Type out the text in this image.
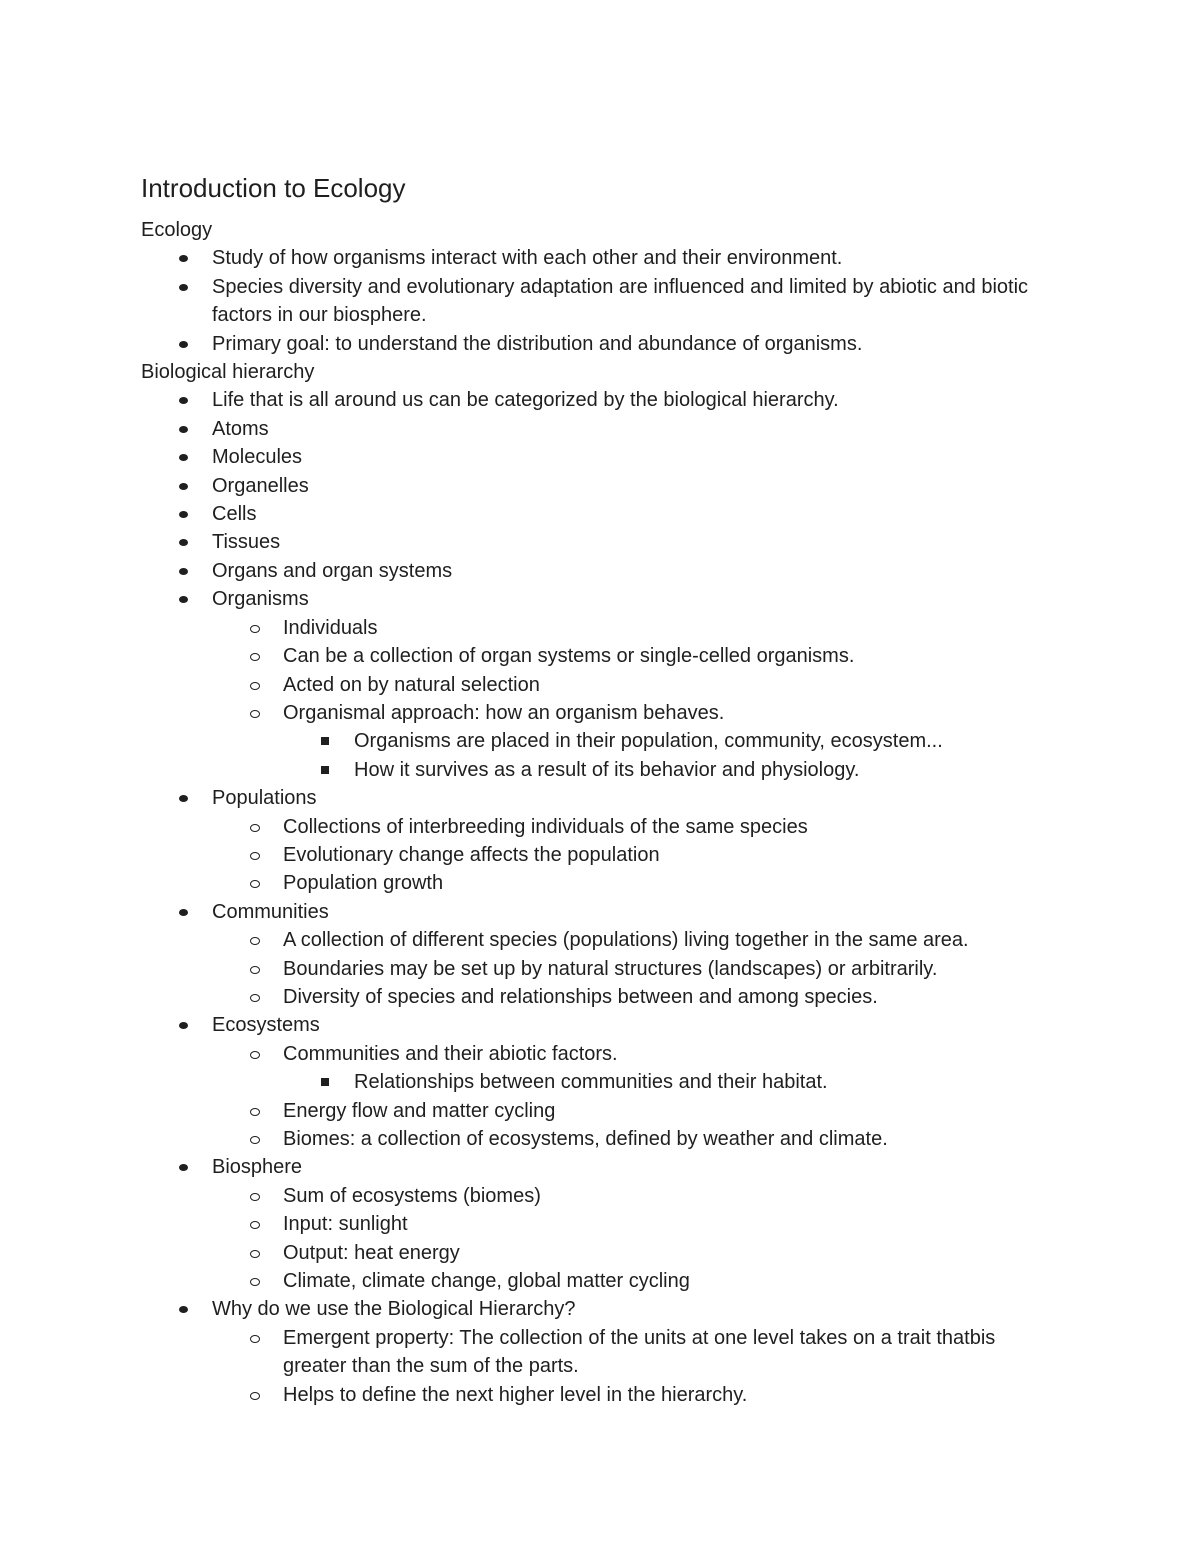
Introduction to Ecology

Ecology

Study of how organisms interact with each other and their environment.
Species diversity and evolutionary adaptation are influenced and limited by abiotic and biotic factors in our biosphere.
Primary goal: to understand the distribution and abundance of organisms.

Biological hierarchy

Life that is all around us can be categorized by the biological hierarchy.
Atoms
Molecules
Organelles
Cells
Tissues
Organs and organ systems
Organisms
Individuals
Can be a collection of organ systems or single-celled organisms.
Acted on by natural selection
Organismal approach: how an organism behaves.
Organisms are placed in their population, community, ecosystem...
How it survives as a result of its behavior and physiology.
Populations
Collections of interbreeding individuals of the same species
Evolutionary change affects the population
Population growth
Communities
A collection of different species (populations) living together in the same area.
Boundaries may be set up by natural structures (landscapes) or arbitrarily.
Diversity of species and relationships between and among species.
Ecosystems
Communities and their abiotic factors.
Relationships between communities and their habitat.
Energy flow and matter cycling
Biomes: a collection of ecosystems, defined by weather and climate.
Biosphere
Sum of ecosystems (biomes)
Input: sunlight
Output: heat energy
Climate, climate change, global matter cycling
Why do we use the Biological Hierarchy?
Emergent property: The collection of the units at one level takes on a trait thatbis greater than the sum of the parts.
Helps to define the next higher level in the hierarchy.
